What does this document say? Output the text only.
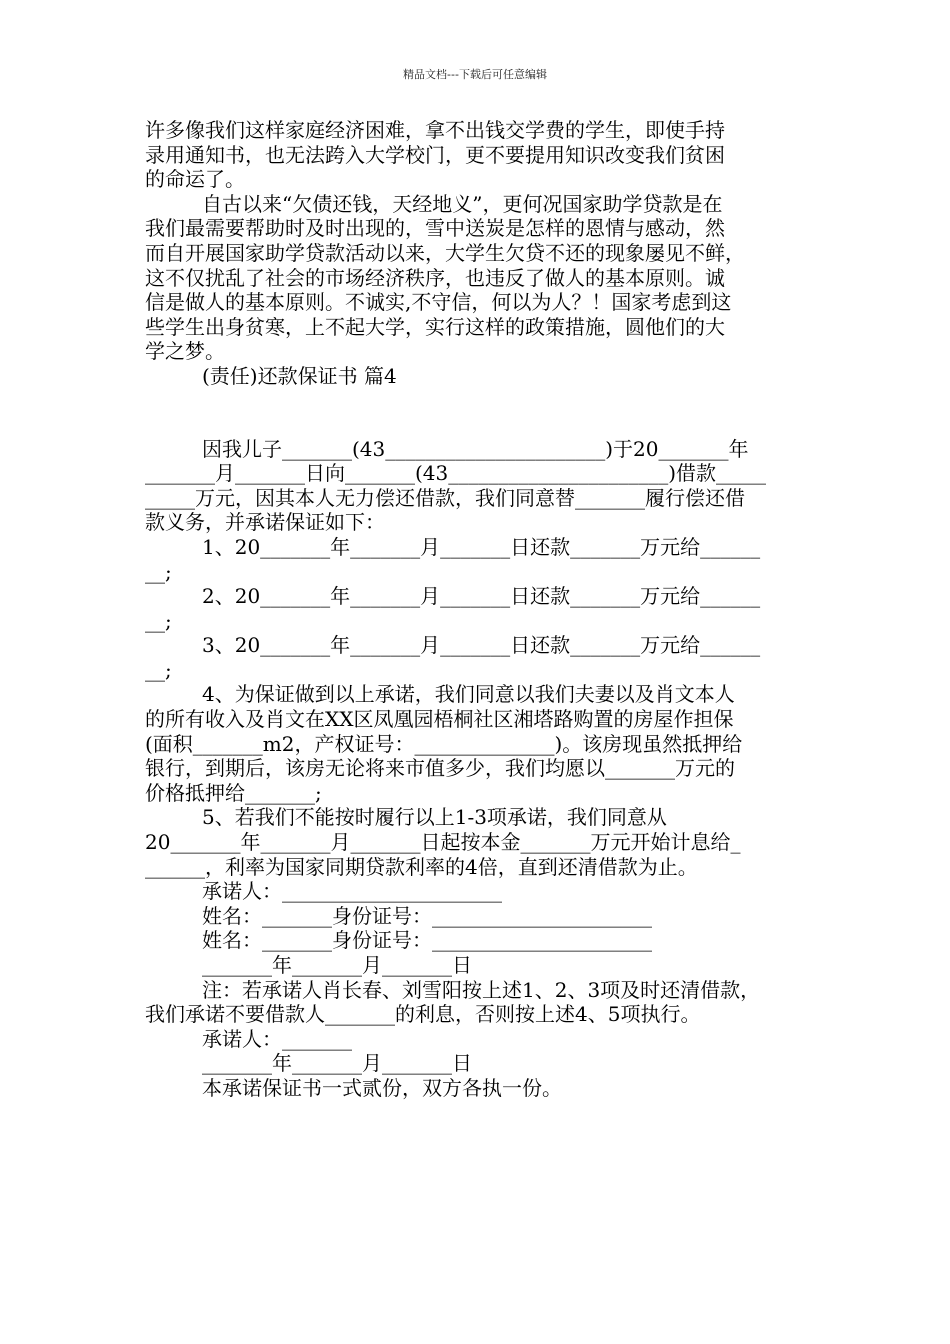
精品文档---下载后可任意编辑
许多像我们这样家庭经济困难，拿不出钱交学费的学生，即使手持
录用通知书，也无法跨入大学校门，更不要提用知识改变我们贫困
的命运了。
自古以来“欠债还钱，天经地义”，更何况国家助学贷款是在
我们最需要帮助时及时出现的，雪中送炭是怎样的恩情与感动，然
而自开展国家助学贷款活动以来，大学生欠贷不还的现象屡见不鲜，
这不仅扰乱了社会的市场经济秩序，也违反了做人的基本原则。诚
信是做人的基本原则。不诚实,不守信，何以为人？！国家考虑到这
些学生出身贫寒，上不起大学，实行这样的政策措施，圆他们的大
学之梦。
(责任)还款保证书 篇4
因我儿子_______(43______________________)于20_______年
_______月_______日向_______(43______________________)借款_____
_____万元，因其本人无力偿还借款，我们同意替_______履行偿还借
款义务，并承诺保证如下：
1、20_______年_______月_______日还款_______万元给______
__;
2、20_______年_______月_______日还款_______万元给______
__;
3、20_______年_______月_______日还款_______万元给______
__;
4、为保证做到以上承诺，我们同意以我们夫妻以及肖文本人
的所有收入及肖文在XX区凤凰园梧桐社区湘塔路购置的房屋作担保
(面积_______m2，产权证号：______________)。该房现虽然抵押给
银行，到期后，该房无论将来市值多少，我们均愿以_______万元的
价格抵押给_______;
5、若我们不能按时履行以上1-3项承诺，我们同意从
20_______年_______月_______日起按本金_______万元开始计息给_
______，利率为国家同期贷款利率的4倍，直到还清借款为止。
承诺人：______________________
姓名：_______身份证号：______________________
姓名：_______身份证号：______________________
_______年_______月_______日
注：若承诺人肖长春、刘雪阳按上述1、2、3项及时还清借款，
我们承诺不要借款人_______的利息，否则按上述4、5项执行。
承诺人：_______
_______年_______月_______日
本承诺保证书一式贰份，双方各执一份。
